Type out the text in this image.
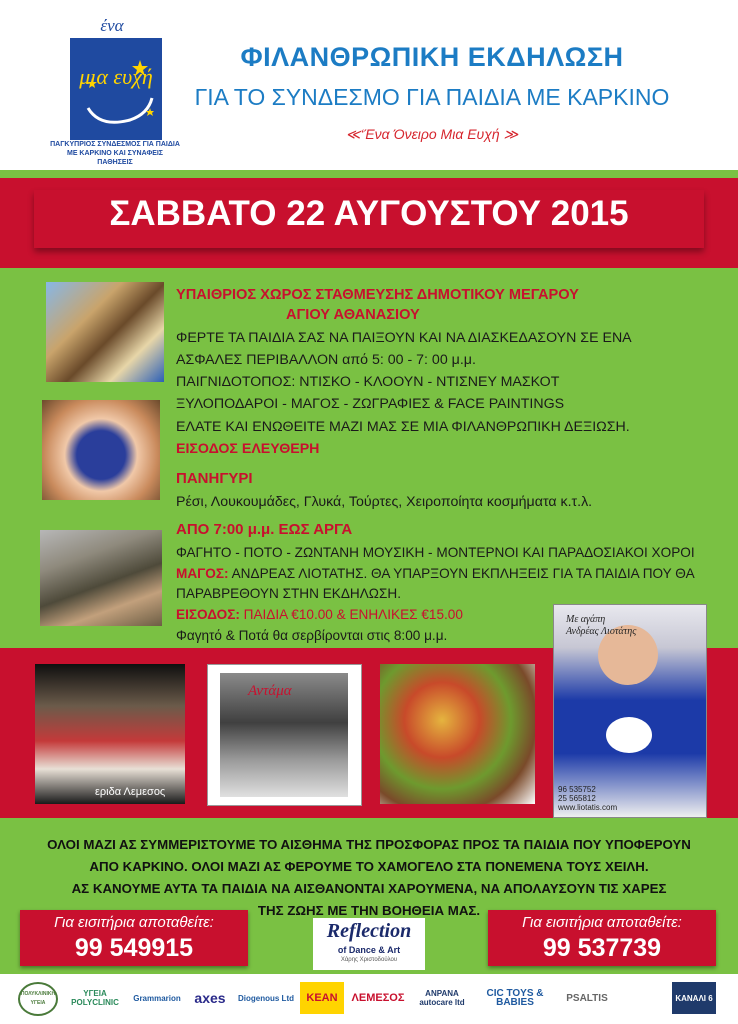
ένα
μια ευχή
ΠΑΓΚΥΠΡΙΟΣ ΣΥΝΔΕΣΜΟΣ ΓΙΑ ΠΑΙΔΙΑ ΜΕ ΚΑΡΚΙΝΟ ΚΑΙ ΣΥΝΑΦΕΙΣ ΠΑΘΗΣΕΙΣ
ΦΙΛΑΝΘΡΩΠΙΚΗ ΕΚΔΗΛΩΣΗ
ΓΙΑ ΤΟ ΣΥΝΔΕΣΜΟ ΓΙΑ ΠΑΙΔΙΑ ΜΕ ΚΑΡΚΙΝΟ
≪‘Ένα Όνειρο Μια Ευχή ≫
ΣΑΒΒΑΤΟ 22 ΑΥΓΟΥΣΤΟΥ 2015
ΥΠΑΙΘΡΙΟΣ ΧΩΡΟΣ ΣΤΑΘΜΕΥΣΗΣ ΔΗΜΟΤΙΚΟΥ ΜΕΓΑΡΟΥ
ΑΓΙΟΥ ΑΘΑΝΑΣΙΟΥ
ΦΕΡΤΕ ΤΑ ΠΑΙΔΙΑ ΣΑΣ ΝΑ ΠΑΙΞΟΥΝ ΚΑΙ ΝΑ ΔΙΑΣΚΕΔΑΣΟΥΝ ΣΕ ΕΝΑ
ΑΣΦΑΛΕΣ ΠΕΡΙΒΑΛΛΟΝ από 5: 00 - 7: 00 μ.μ.
ΠΑΙΓΝΙΔΟΤΟΠΟΣ: ΝΤΙΣΚΟ - ΚΛΟΟΥΝ - ΝΤΙΣΝΕΥ ΜΑΣΚΟΤ
ΞΥΛΟΠΟΔΑΡΟΙ - ΜΑΓΟΣ - ΖΩΓΡΑΦΙΕΣ & FACE PAINTINGS
ΕΛΑΤΕ ΚΑΙ ΕΝΩΘΕΙΤΕ ΜΑΖΙ ΜΑΣ ΣΕ ΜΙΑ ΦΙΛΑΝΘΡΩΠΙΚΗ ΔΕΞΙΩΣΗ.
ΕΙΣΟΔΟΣ ΕΛΕΥΘΕΡΗ
ΠΑΝΗΓΥΡΙ
Ρέσι, Λουκουμάδες, Γλυκά, Τούρτες, Χειροποίητα κοσμήματα κ.τ.λ.
ΑΠΟ 7:00 μ.μ. ΕΩΣ ΑΡΓΑ
ΦΑΓΗΤΟ - ΠΟΤΟ - ΖΩΝΤΑΝΗ ΜΟΥΣΙΚΗ - ΜΟΝΤΕΡΝΟΙ ΚΑΙ ΠΑΡΑΔΟΣΙΑΚΟΙ ΧΟΡΟΙ
ΜΑΓΟΣ: ΑΝΔΡΕΑΣ ΛΙΟΤΑΤΗΣ. ΘΑ ΥΠΑΡΞΟΥΝ ΕΚΠΛΗΞΕΙΣ ΓΙΑ ΤΑ ΠΑΙΔΙΑ ΠΟΥ ΘΑ
ΠΑΡΑΒΡΕΘΟΥΝ ΣΤΗΝ ΕΚΔΗΛΩΣΗ.
ΕΙΣΟΔΟΣ: ΠΑΙΔΙΑ €10.00 & ΕΝΗΛΙΚΕΣ €15.00
Φαγητό & Ποτά θα σερβίρονται στις 8:00 μ.μ.
εριδα Λεμεσος
Αντάμα
96 535752
25 565812
www.liotatis.com
Με αγάπη
Ανδρέας Λιοτάτης
ΟΛΟΙ ΜΑΖΙ ΑΣ ΣΥΜΜΕΡΙΣΤΟΥΜΕ ΤΟ ΑΙΣΘΗΜΑ ΤΗΣ ΠΡΟΣΦΟΡΑΣ ΠΡΟΣ ΤΑ ΠΑΙΔΙΑ ΠΟΥ ΥΠΟΦΕΡΟΥΝ
ΑΠΟ ΚΑΡΚΙΝΟ. ΟΛΟΙ ΜΑΖΙ ΑΣ ΦΕΡΟΥΜΕ ΤΟ ΧΑΜΟΓΕΛΟ ΣΤΑ ΠΟΝΕΜΕΝΑ ΤΟΥΣ ΧΕΙΛΗ.
ΑΣ ΚΑΝΟΥΜΕ ΑΥΤΑ ΤΑ ΠΑΙΔΙΑ ΝΑ ΑΙΣΘΑΝΟΝΤΑΙ ΧΑΡΟΥΜΕΝΑ, ΝΑ ΑΠΟΛΑΥΣΟΥΝ ΤΙΣ ΧΑΡΕΣ
ΤΗΣ ΖΩΗΣ ΜΕ ΤΗΝ ΒΟΗΘΕΙΑ ΜΑΣ.
Για εισιτήρια αποταθείτε:
99 549915
Reflection
of Dance & Art
Χάρης Χριστοδούλου
Για εισιτήρια αποταθείτε:
99 537739
ΠΟΛΥΚΛΙΝΙΚΗ ΥΓΕΙΑ
ΥΓΕΙΑ POLYCLINIC	Grammarion axes Diogenous Ltd KEAN ΛΕΜΕΣΟΣ	ΑΝΡΑΝΑ autocare ltd
CIC TOYS & BABIES	PSALTIS	ΚΑΝΑΛΙ 6
